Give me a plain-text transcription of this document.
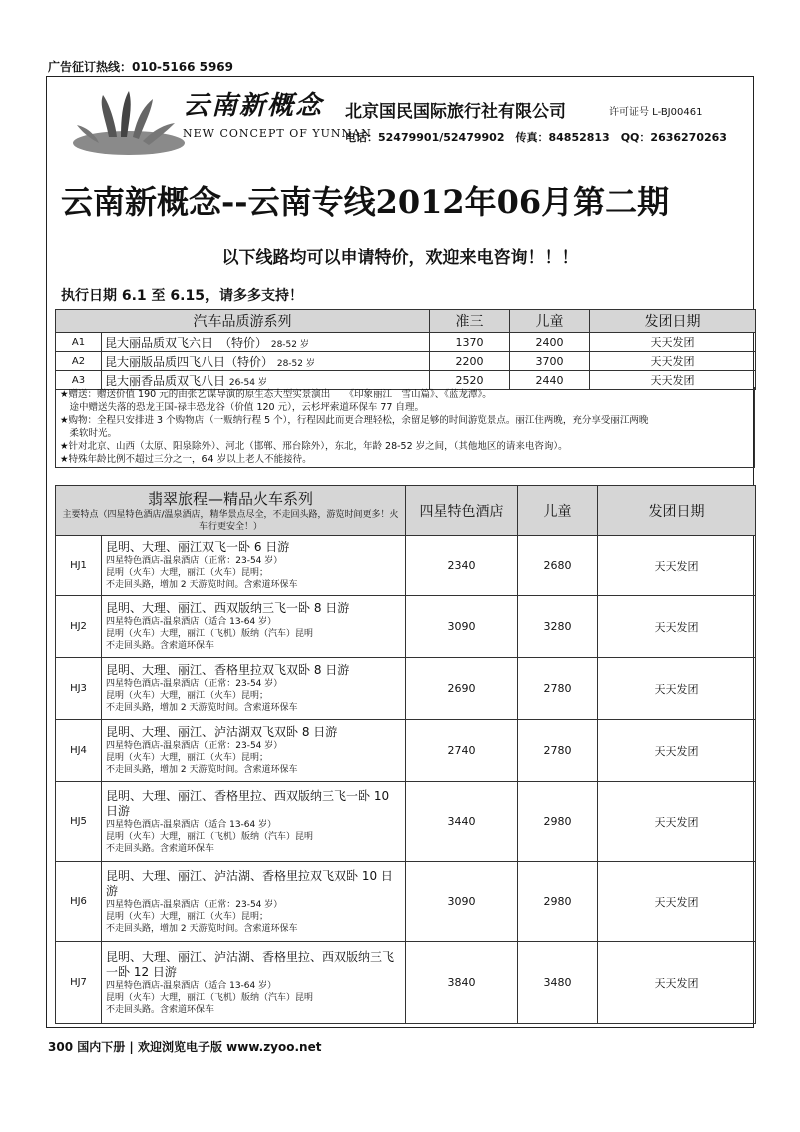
广告征订热线：010-5166 5969
云南新概念
NEW CONCEPT OF YUNNAN
北京国民国际旅行社有限公司	许可证号 L-BJ00461
电话：52479901/52479902　传真：84852813　QQ：2636270263
云南新概念--云南专线2012年06月第二期
以下线路均可以申请特价，欢迎来电咨询！！！
执行日期 6.1 至 6.15，请多多支持！
汽车品质游系列		准三	儿童	发团日期
A1	昆大丽品质双飞六日　（特价） 28-52 岁	1370	2400	天天发团
A2	昆大丽版品质四飞八日（特价） 28-52 岁	2200	3700	天天发团
A3	昆大丽香品质双飞八日 26-54 岁	2520	2440	天天发团
★赠送：赠送价值 190 元的由张艺谋导演的原生态大型实景演出　　《印象丽江　雪山篇》、《蓝龙潭》。
　途中赠送失落的恐龙王国-禄丰恐龙谷（价值 120 元），云杉坪索道环保车 77 自理。
★购物：全程只安排进 3 个购物店（一贩纳行程 5 个），行程因此而更合理轻松，余留足够的时间游览景点。丽江住两晚，充分享受丽江两晚
　柔软时光。
★针对北京、山西（太原、阳泉除外）、河北（邯郸、邢台除外），东北，年龄 28-52 岁之间，（其他地区的请来电咨询）。
★特殊年龄比例不超过三分之一，64 岁以上老人不能接待。
翡翠旅程—精品火车系列
主要特点（四星特色酒店/温泉酒店，精华景点尽全，不走回头路，游览时间更多！火车行更安全！）		四星特色酒店	儿童	发团日期
HJ1	昆明、大理、丽江双飞一卧 6 日游
四星特色酒店-温泉酒店（正常：23-54 岁）
昆明（火车）大理，丽江（火车）昆明；
不走回头路，增加 2 天游览时间。含索道环保车	2340	2680	天天发团
HJ2	昆明、大理、丽江、西双版纳三飞一卧 8 日游
四星特色酒店-温泉酒店（适合 13-64 岁）
昆明（火车）大理，丽江（飞机）版纳（汽车）昆明
不走回头路。含索道环保车	3090	3280	天天发团
HJ3	昆明、大理、丽江、香格里拉双飞双卧 8 日游
四星特色酒店-温泉酒店（正常：23-54 岁）
昆明（火车）大理，丽江（火车）昆明；
不走回头路，增加 2 天游览时间。含索道环保车	2690	2780	天天发团
HJ4	昆明、大理、丽江、泸沽湖双飞双卧 8 日游
四星特色酒店-温泉酒店（正常：23-54 岁）
昆明（火车）大理，丽江（火车）昆明；
不走回头路，增加 2 天游览时间。含索道环保车	2740	2780	天天发团
HJ5	昆明、大理、丽江、香格里拉、西双版纳三飞一卧 10 日游
四星特色酒店-温泉酒店（适合 13-64 岁）
昆明（火车）大理，丽江（飞机）版纳（汽车）昆明
不走回头路。含索道环保车	3440	2980	天天发团
HJ6	昆明、大理、丽江、泸沽湖、香格里拉双飞双卧 10 日游
四星特色酒店-温泉酒店（正常：23-54 岁）
昆明（火车）大理，丽江（火车）昆明；
不走回头路，增加 2 天游览时间。含索道环保车	3090	2980	天天发团
HJ7	昆明、大理、丽江、泸沽湖、香格里拉、西双版纳三飞一卧 12 日游
四星特色酒店-温泉酒店（适合 13-64 岁）
昆明（火车）大理，丽江（飞机）版纳（汽车）昆明
不走回头路。含索道环保车	3840	3480	天天发团
300 国内下册 | 欢迎浏览电子版 www.zyoo.net
